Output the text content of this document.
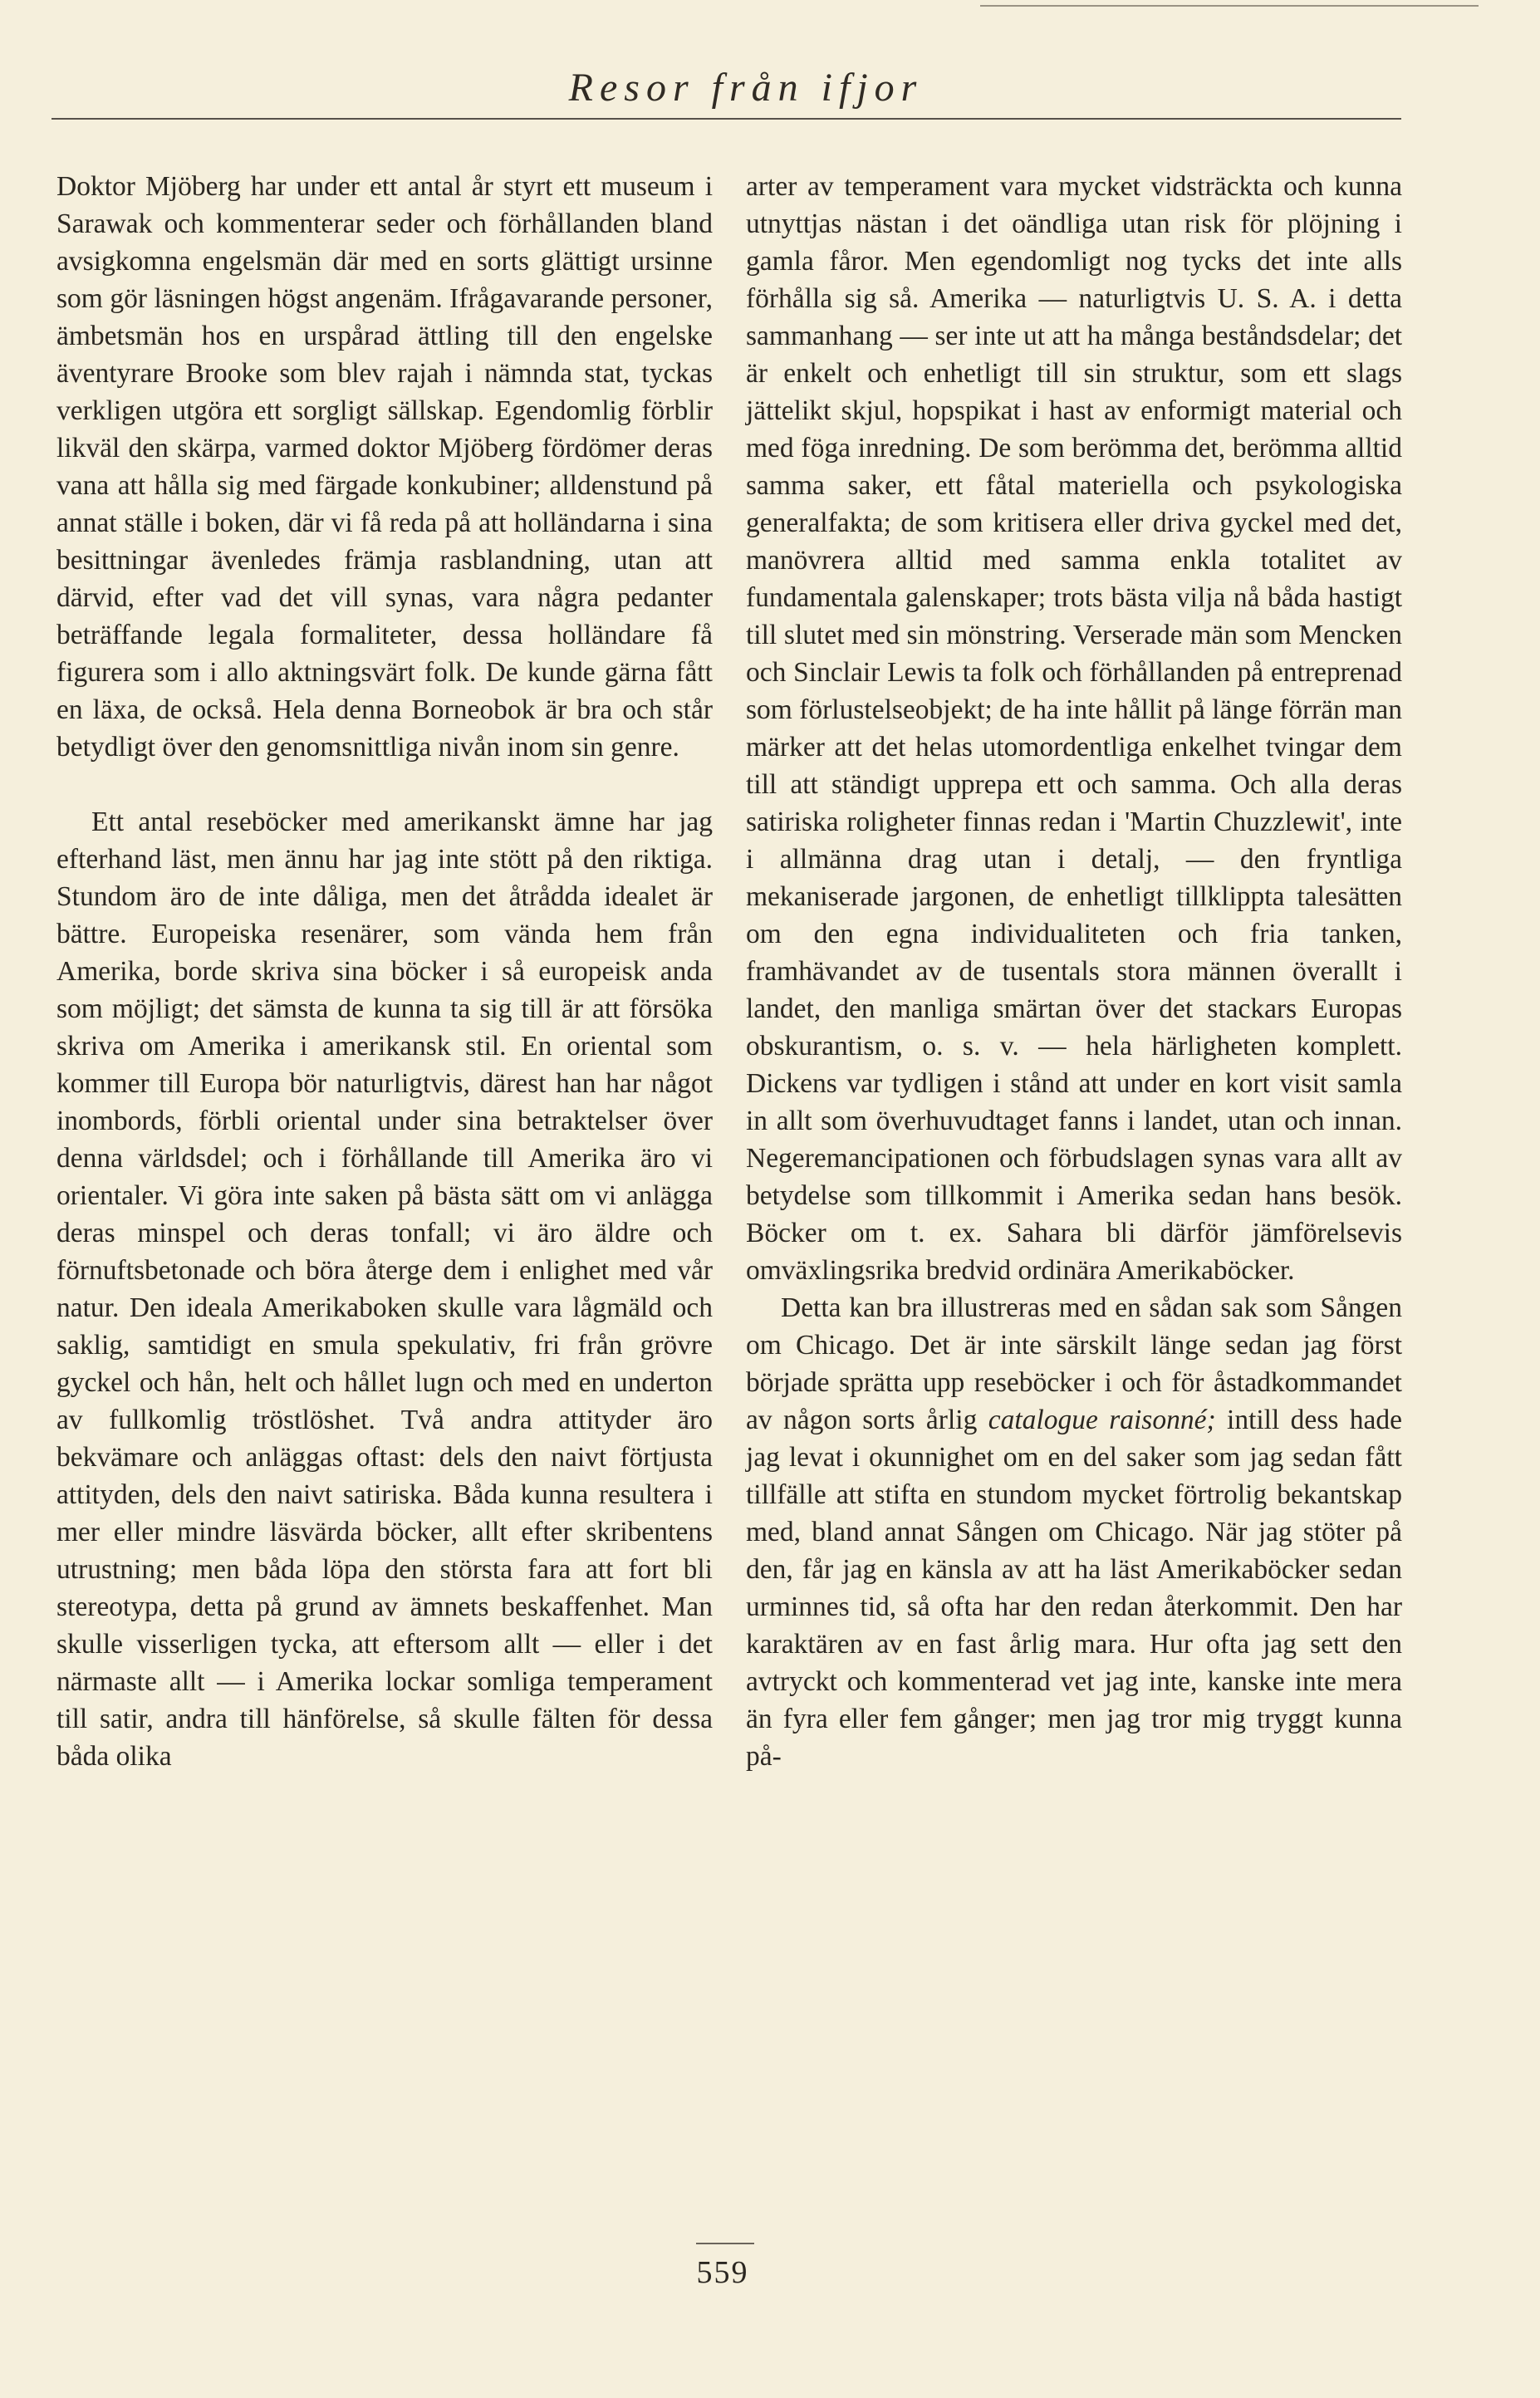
Resor från ifjor

Doktor Mjöberg har under ett antal år styrt ett museum i Sarawak och kommenterar seder och förhållanden bland avsigkomna engelsmän där med en sorts glättigt ursinne som gör läsningen högst angenäm. Ifrågavarande personer, ämbetsmän hos en urspårad ättling till den engelske äventyrare Brooke som blev rajah i nämnda stat, tyckas verkligen utgöra ett sorgligt sällskap. Egendomlig förblir likväl den skärpa, varmed doktor Mjöberg fördömer deras vana att hålla sig med färgade konkubiner; alldenstund på annat ställe i boken, där vi få reda på att holländarna i sina besittningar ävenledes främja rasblandning, utan att därvid, efter vad det vill synas, vara några pedanter beträffande legala formaliteter, dessa holländare få figurera som i allo aktningsvärt folk. De kunde gärna fått en läxa, de också. Hela denna Borneobok är bra och står betydligt över den genomsnittliga nivån inom sin genre.

Ett antal reseböcker med amerikanskt ämne har jag efterhand läst, men ännu har jag inte stött på den riktiga. Stundom äro de inte dåliga, men det åtrådda idealet är bättre. Europeiska resenärer, som vända hem från Amerika, borde skriva sina böcker i så europeisk anda som möjligt; det sämsta de kunna ta sig till är att försöka skriva om Amerika i amerikansk stil. En oriental som kommer till Europa bör naturligtvis, därest han har något inombords, förbli oriental under sina betraktelser över denna världsdel; och i förhållande till Amerika äro vi orientaler. Vi göra inte saken på bästa sätt om vi anlägga deras minspel och deras tonfall; vi äro äldre och förnuftsbetonade och böra återge dem i enlighet med vår natur. Den ideala Amerikaboken skulle vara lågmäld och saklig, samtidigt en smula spekulativ, fri från grövre gyckel och hån, helt och hållet lugn och med en underton av fullkomlig tröstlöshet. Två andra attityder äro bekvämare och anläggas oftast: dels den naivt förtjusta attityden, dels den naivt satiriska. Båda kunna resultera i mer eller mindre läsvärda böcker, allt efter skribentens utrustning; men båda löpa den största fara att fort bli stereotypa, detta på grund av ämnets beskaffenhet. Man skulle visserligen tycka, att eftersom allt — eller i det närmaste allt — i Amerika lockar somliga temperament till satir, andra till hänförelse, så skulle fälten för dessa båda olika

arter av temperament vara mycket vidsträckta och kunna utnyttjas nästan i det oändliga utan risk för plöjning i gamla fåror. Men egendomligt nog tycks det inte alls förhålla sig så. Amerika — naturligtvis U. S. A. i detta sammanhang — ser inte ut att ha många beståndsdelar; det är enkelt och enhetligt till sin struktur, som ett slags jättelikt skjul, hopspikat i hast av enformigt material och med föga inredning. De som berömma det, berömma alltid samma saker, ett fåtal materiella och psykologiska generalfakta; de som kritisera eller driva gyckel med det, manövrera alltid med samma enkla totalitet av fundamentala galenskaper; trots bästa vilja nå båda hastigt till slutet med sin mönstring. Verserade män som Mencken och Sinclair Lewis ta folk och förhållanden på entreprenad som förlustelseobjekt; de ha inte hållit på länge förrän man märker att det helas utomordentliga enkelhet tvingar dem till att ständigt upprepa ett och samma. Och alla deras satiriska roligheter finnas redan i 'Martin Chuzzlewit', inte i allmänna drag utan i detalj, — den fryntliga mekaniserade jargonen, de enhetligt tillklippta talesätten om den egna individualiteten och fria tanken, framhävandet av de tusentals stora männen överallt i landet, den manliga smärtan över det stackars Europas obskurantism, o. s. v. — hela härligheten komplett. Dickens var tydligen i stånd att under en kort visit samla in allt som överhuvudtaget fanns i landet, utan och innan. Negeremancipationen och förbudslagen synas vara allt av betydelse som tillkommit i Amerika sedan hans besök. Böcker om t. ex. Sahara bli därför jämförelsevis omväxlingsrika bredvid ordinära Amerikaböcker.

Detta kan bra illustreras med en sådan sak som Sången om Chicago. Det är inte särskilt länge sedan jag först började sprätta upp reseböcker i och för åstadkommandet av någon sorts årlig catalogue raisonné; intill dess hade jag levat i okunnighet om en del saker som jag sedan fått tillfälle att stifta en stundom mycket förtrolig bekantskap med, bland annat Sången om Chicago. När jag stöter på den, får jag en känsla av att ha läst Amerikaböcker sedan urminnes tid, så ofta har den redan återkommit. Den har karaktären av en fast årlig mara. Hur ofta jag sett den avtryckt och kommenterad vet jag inte, kanske inte mera än fyra eller fem gånger; men jag tror mig tryggt kunna på-

559
